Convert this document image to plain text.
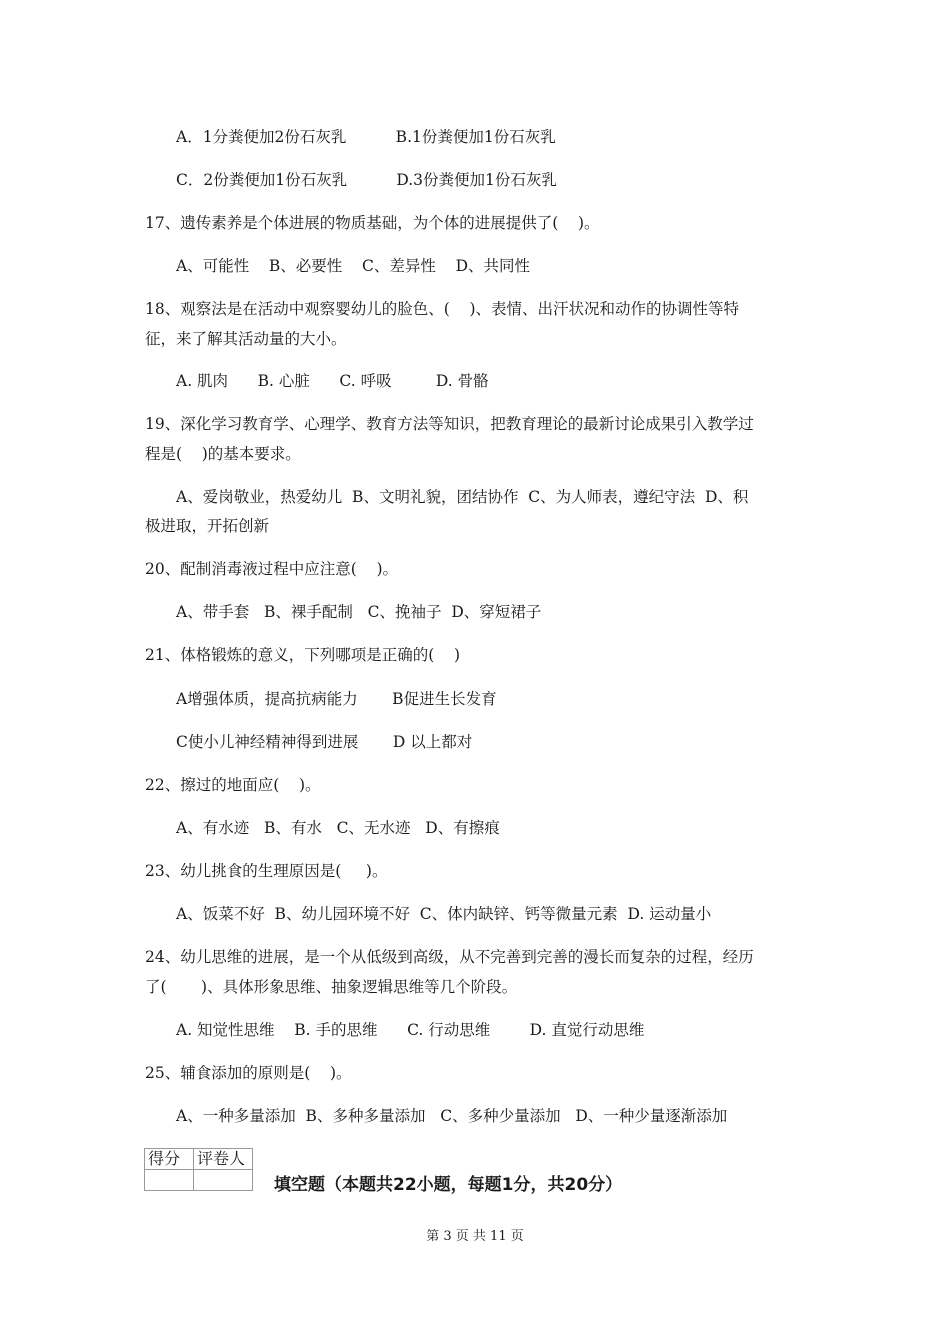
A．1分粪便加2份石灰乳          B.1份粪便加1份石灰乳
C．2份粪便加1份石灰乳          D.3份粪便加1份石灰乳
17、遗传素养是个体进展的物质基础，为个体的进展提供了(    )。
A、可能性    B、必要性    C、差异性    D、共同性
18、观察法是在活动中观察婴幼儿的脸色、(    )、表情、出汗状况和动作的协调性等特
征，来了解其活动量的大小。
A. 肌肉      B. 心脏      C. 呼吸         D. 骨骼
19、深化学习教育学、心理学、教育方法等知识，把教育理论的最新讨论成果引入教学过
程是(    )的基本要求。
A、爱岗敬业，热爱幼儿  B、文明礼貌，团结协作  C、为人师表，遵纪守法  D、积
极进取，开拓创新
20、配制消毒液过程中应注意(    )。
A、带手套   B、裸手配制   C、挽袖子  D、穿短裙子
21、体格锻炼的意义，下列哪项是正确的(    )
A增强体质，提高抗病能力       B促进生长发育
C使小儿神经精神得到进展       D 以上都对
22、擦过的地面应(    )。
A、有水迹   B、有水   C、无水迹   D、有擦痕
23、幼儿挑食的生理原因是(     )。
A、饭菜不好  B、幼儿园环境不好  C、体内缺锌、钙等微量元素  D. 运动量小
24、幼儿思维的进展，是一个从低级到高级，从不完善到完善的漫长而复杂的过程，经历
了(       )、具体形象思维、抽象逻辑思维等几个阶段。
A. 知觉性思维    B. 手的思维      C. 行动思维        D. 直觉行动思维
25、辅食添加的原则是(    )。
A、一种多量添加  B、多种多量添加   C、多种少量添加   D、一种少量逐渐添加
得分	评卷人

填空题（本题共22小题，每题1分，共20分）
第 3 页 共 11 页
